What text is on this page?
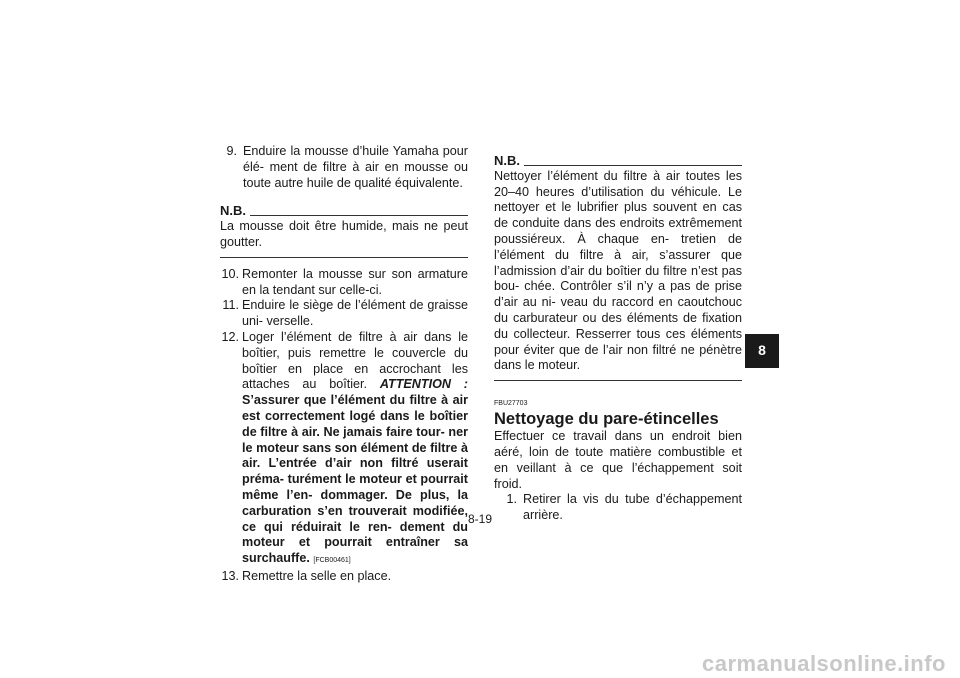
9. Enduire la mousse d’huile Yamaha pour élé- ment de filtre à air en mousse ou toute autre huile de qualité équivalente.
N.B.
La mousse doit être humide, mais ne peut goutter.
10. Remonter la mousse sur son armature en la tendant sur celle-ci.
11. Enduire le siège de l’élément de graisse uni- verselle.
12. Loger l’élément de filtre à air dans le boîtier, puis remettre le couvercle du boîtier en place en accrochant les attaches au boîtier. ATTENTION : S’assurer que l’élément du filtre à air est correctement logé dans le boîtier de filtre à air. Ne jamais faire tour- ner le moteur sans son élément de filtre à air. L’entrée d’air non filtré userait préma- turément le moteur et pourrait même l’en- dommager. De plus, la carburation s’en trouverait modifiée, ce qui réduirait le ren- dement du moteur et pourrait entraîner sa surchauffe. [FCB00461]
13. Remettre la selle en place.
N.B.
Nettoyer l’élément du filtre à air toutes les 20–40 heures d’utilisation du véhicule. Le nettoyer et le lubrifier plus souvent en cas de conduite dans des endroits extrêmement poussiéreux. À chaque en- tretien de l’élément du filtre à air, s’assurer que l’admission d’air du boîtier du filtre n’est pas bou- chée. Contrôler s’il n’y a pas de prise d’air au ni- veau du raccord en caoutchouc du carburateur ou des éléments de fixation du collecteur. Resserrer tous ces éléments pour éviter que de l’air non filtré ne pénètre dans le moteur.
FBU27703
Nettoyage du pare-étincelles
Effectuer ce travail dans un endroit bien aéré, loin de toute matière combustible et en veillant à ce que l’échappement soit froid.
1. Retirer la vis du tube d’échappement arrière.
8
8-19
carmanualsonline.info
